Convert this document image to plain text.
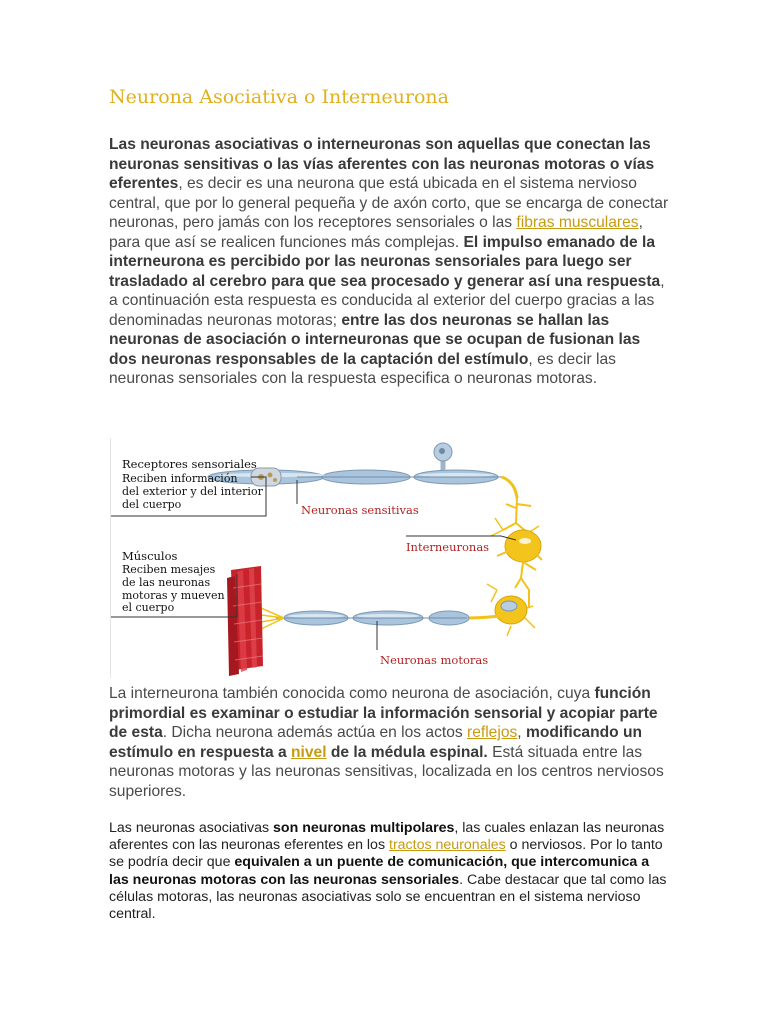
Neurona Asociativa o Interneurona

Las neuronas asociativas o interneuronas son aquellas que conectan las neuronas sensitivas o las vías aferentes con las neuronas motoras o vías eferentes, es decir es una neurona que está ubicada en el sistema nervioso central, que por lo general pequeña y de axón corto, que se encarga de conectar neuronas, pero jamás con los receptores sensoriales o las fibras musculares, para que así se realicen funciones más complejas. El impulso emanado de la interneurona es percibido por las neuronas sensoriales para luego ser trasladado al cerebro para que sea procesado y generar así una respuesta, a continuación esta respuesta es conducida al exterior del cuerpo gracias a las denominadas neuronas motoras; entre las dos neuronas se hallan las neuronas de asociación o interneuronas que se ocupan de fusionan las dos neuronas responsables de la captación del estímulo, es decir las neuronas sensoriales con la respuesta especifica o neuronas motoras.

Receptores sensoriales
Reciben información
del exterior y del interior
del cuerpo	Neuronas sensitivas
Interneuronas
Músculos
Reciben mesajes
de las neuronas
motoras y mueven
el cuerpo
Neuronas motoras

La interneurona también conocida como neurona de asociación, cuya función primordial es examinar o estudiar la información sensorial y acopiar parte de esta. Dicha neurona además actúa en los actos reflejos, modificando un estímulo en respuesta a nivel de la médula espinal. Está situada entre las neuronas motoras y las neuronas sensitivas, localizada en los centros nerviosos superiores.

Las neuronas asociativas son neuronas multipolares, las cuales enlazan las neuronas aferentes con las neuronas eferentes en los tractos neuronales o nerviosos. Por lo tanto se podría decir que equivalen a un puente de comunicación, que intercomunica a las neuronas motoras con las neuronas sensoriales. Cabe destacar que tal como las células motoras, las neuronas asociativas solo se encuentran en el sistema nervioso central.
